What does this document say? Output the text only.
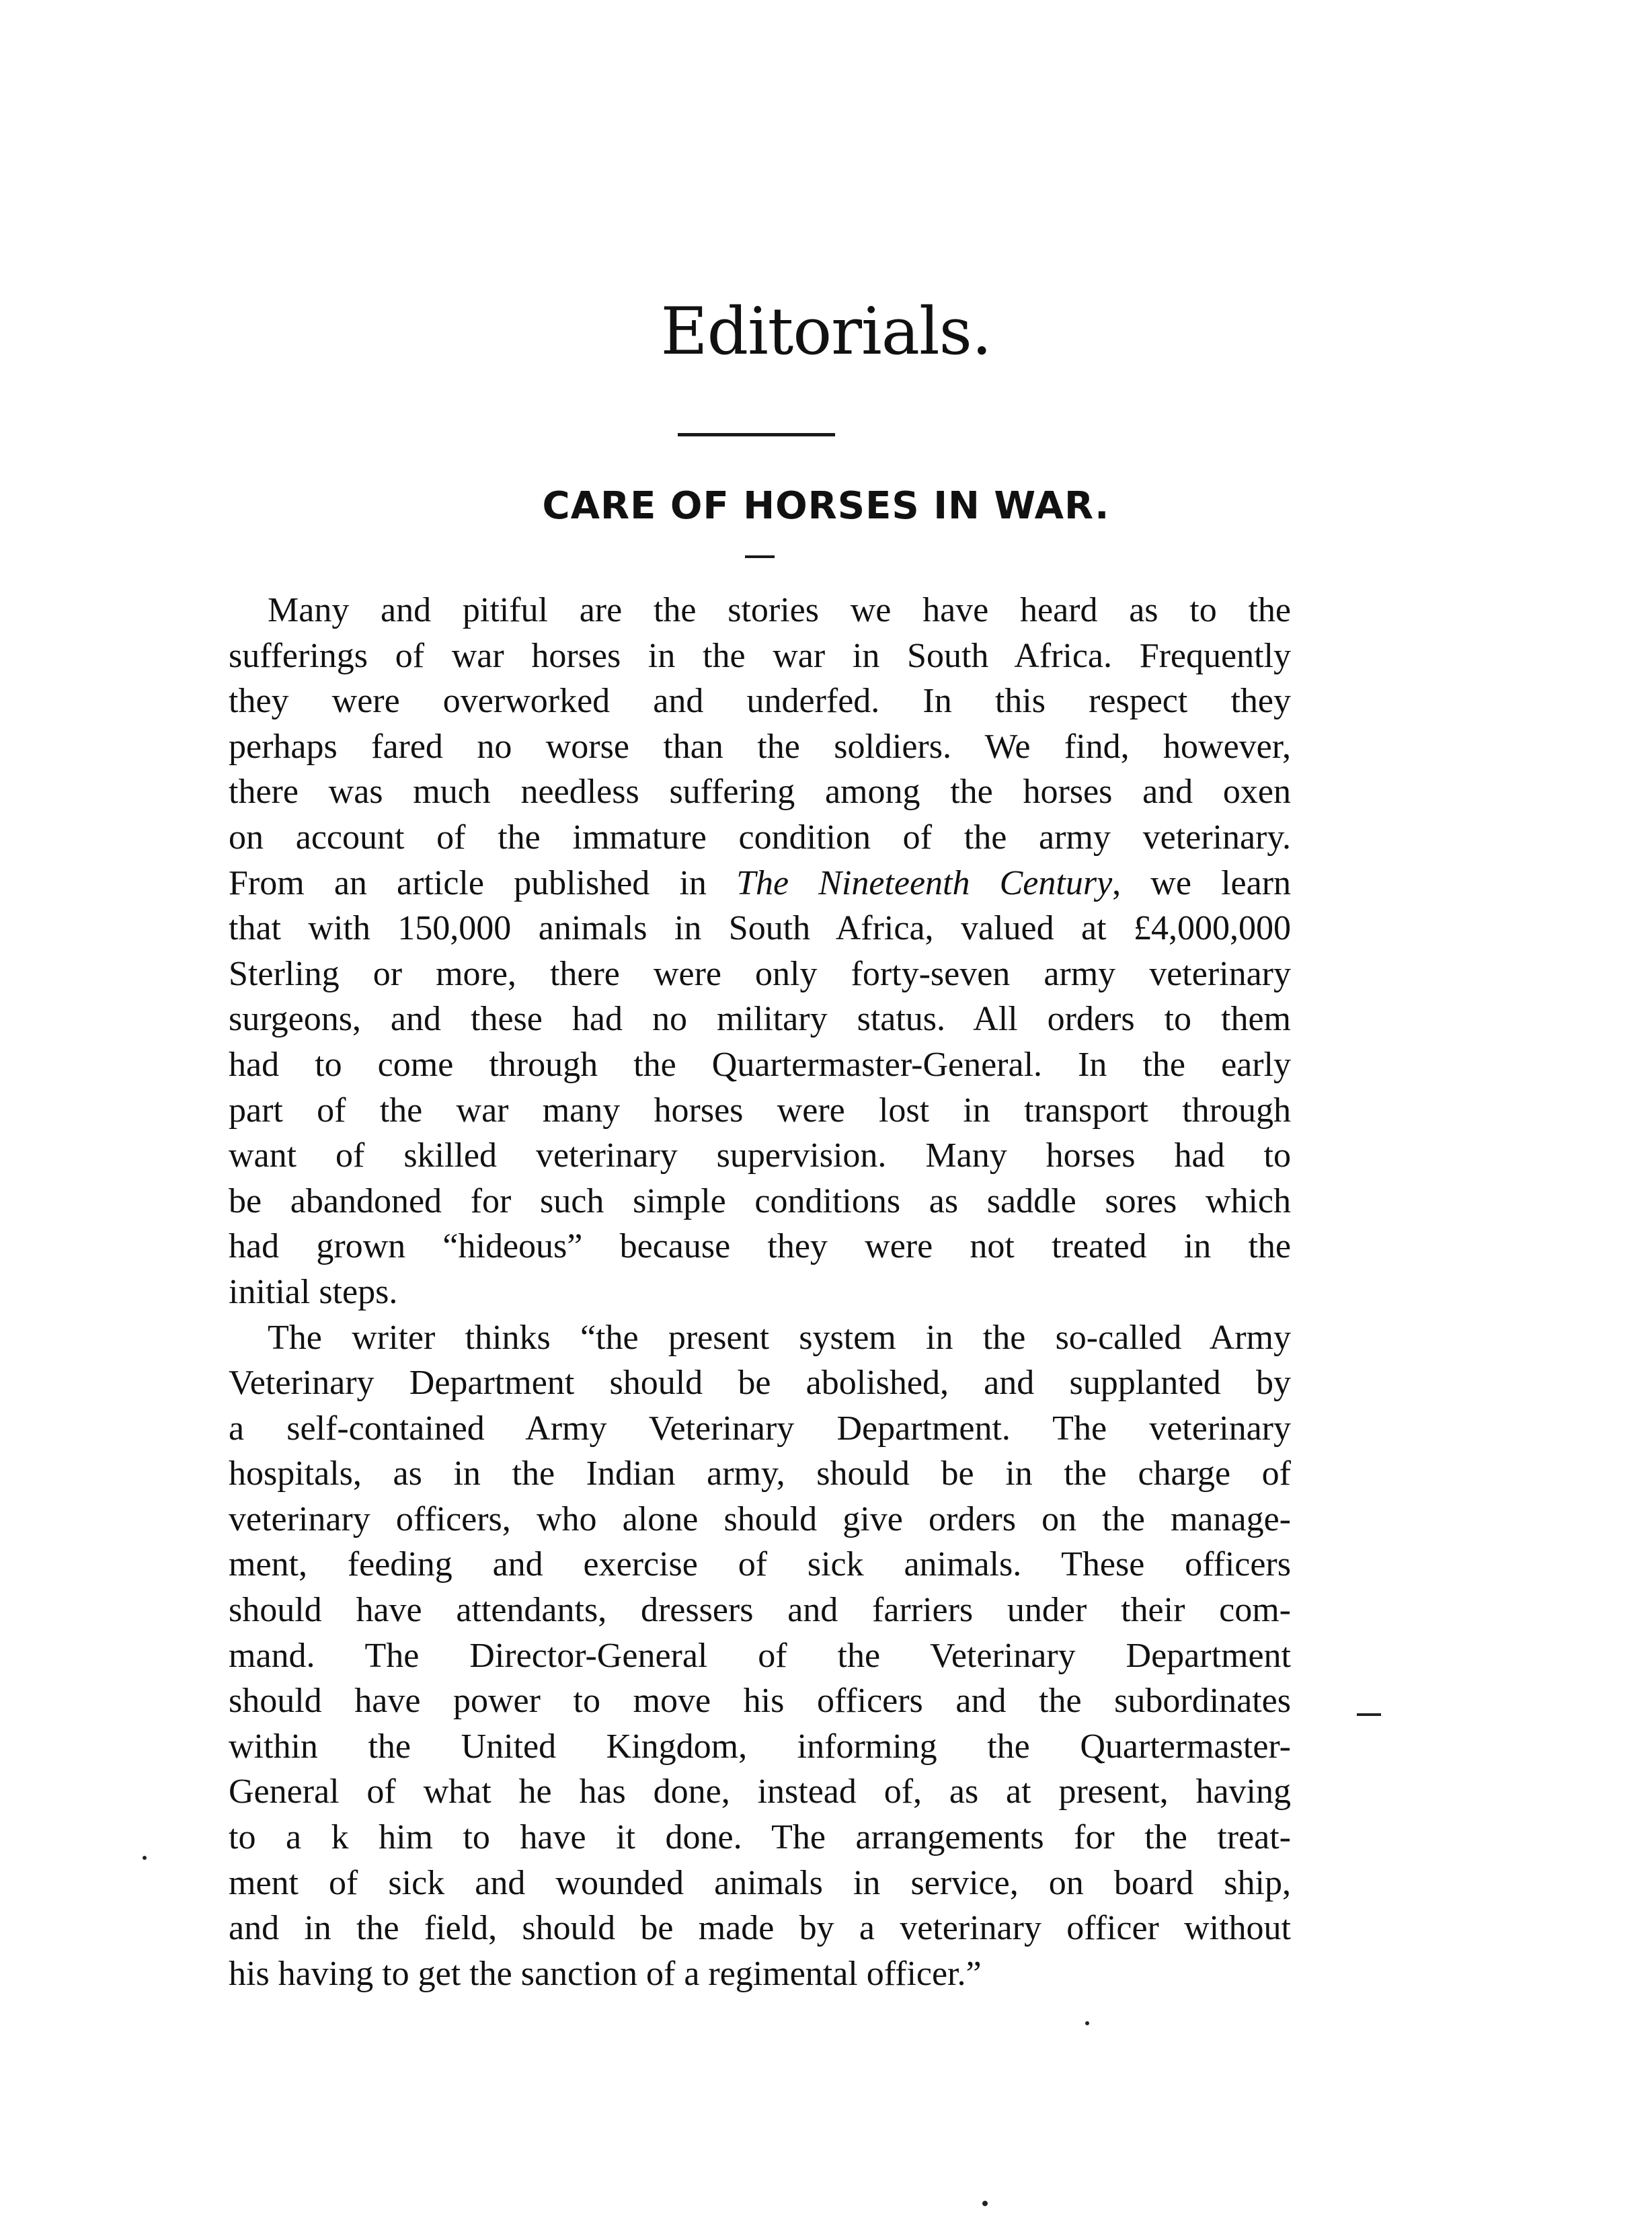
Editorials.
CARE OF HORSES IN WAR.
Many and pitiful are the stories we have heard as to the
sufferings of war horses in the war in South Africa. Frequently
they were overworked and underfed. In this respect they
perhaps fared no worse than the soldiers. We find, however,
there was much needless suffering among the horses and oxen
on account of the immature condition of the army veterinary.
From an article published in The Nineteenth Century, we learn
that with 150,000 animals in South Africa, valued at £4,000,000
Sterling or more, there were only forty-seven army veterinary
surgeons, and these had no military status. All orders to them
had to come through the Quartermaster-General. In the early
part of the war many horses were lost in transport through
want of skilled veterinary supervision. Many horses had to
be abandoned for such simple conditions as saddle sores which
had grown “hideous” because they were not treated in the
initial steps.
The writer thinks “the present system in the so-called Army
Veterinary Department should be abolished, and supplanted by
a self-contained Army Veterinary Department. The veterinary
hospitals, as in the Indian army, should be in the charge of
veterinary officers, who alone should give orders on the manage-
ment, feeding and exercise of sick animals. These officers
should have attendants, dressers and farriers under their com-
mand. The Director-General of the Veterinary Department
should have power to move his officers and the subordinates
within the United Kingdom, informing the Quartermaster-
General of what he has done, instead of, as at present, having
to a k him to have it done. The arrangements for the treat-
ment of sick and wounded animals in service, on board ship,
and in the field, should be made by a veterinary officer without
his having to get the sanction of a regimental officer.”
